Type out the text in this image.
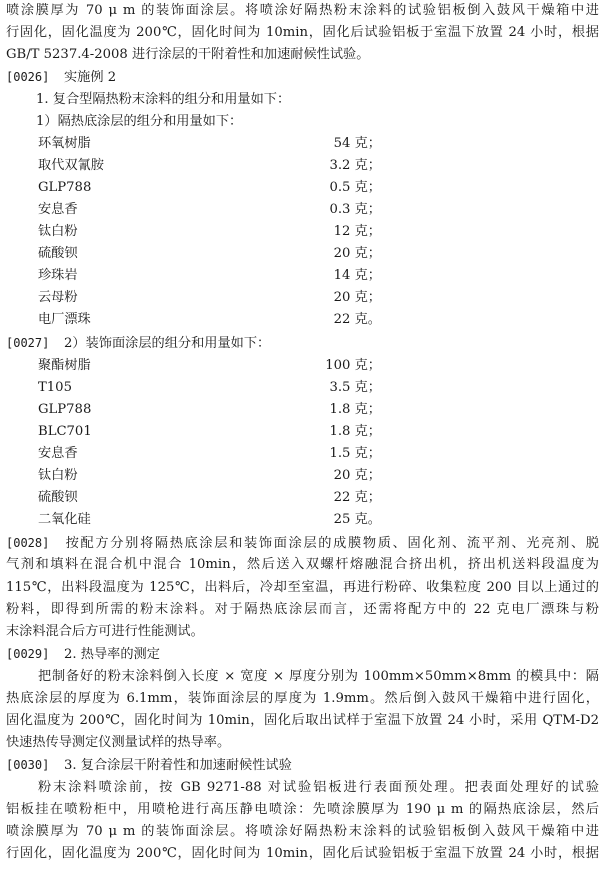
喷涂膜厚为 70 μ m 的装饰面涂层。将喷涂好隔热粉末涂料的试验铝板倒入鼓风干燥箱中进
行固化，固化温度为 200℃，固化时间为 10min，固化后试验铝板于室温下放置 24 小时，根据
GB/T 5237.4-2008 进行涂层的干附着性和加速耐候性试验。
[0026] 实施例 2
1. 复合型隔热粉末涂料的组分和用量如下：
1）隔热底涂层的组分和用量如下：
环氧树脂	54 克；
取代双氰胺	3.2 克；
GLP788	0.5 克；
安息香	0.3 克；
钛白粉	12 克；
硫酸钡	20 克；
珍珠岩	14 克；
云母粉	20 克；
电厂漂珠	22 克。
[0027] 2）装饰面涂层的组分和用量如下：
聚酯树脂	100 克；
T105	3.5 克；
GLP788	1.8 克；
BLC701	1.8 克；
安息香	1.5 克；
钛白粉	20 克；
硫酸钡	22 克；
二氧化硅	25 克。
[0028] 按配方分别将隔热底涂层和装饰面涂层的成膜物质、固化剂、流平剂、光亮剂、脱
气剂和填料在混合机中混合 10min，然后送入双螺杆熔融混合挤出机，挤出机送料段温度为
115℃，出料段温度为 125℃，出料后，冷却至室温，再进行粉碎、收集粒度 200 目以上通过的
粉料，即得到所需的粉末涂料。对于隔热底涂层而言，还需将配方中的 22 克电厂漂珠与粉
末涂料混合后方可进行性能测试。
[0029] 2. 热导率的测定
把制备好的粉末涂料倒入长度 × 宽度 × 厚度分别为 100mm×50mm×8mm 的模具中：隔
热底涂层的厚度为 6.1mm，装饰面涂层的厚度为 1.9mm。然后倒入鼓风干燥箱中进行固化，
固化温度为 200℃，固化时间为 10min，固化后取出试样于室温下放置 24 小时，采用 QTM-D2
快速热传导测定仪测量试样的热导率。
[0030] 3. 复合涂层干附着性和加速耐候性试验
粉末涂料喷涂前，按 GB 9271-88 对试验铝板进行表面预处理。把表面处理好的试验
铝板挂在喷粉柜中，用喷枪进行高压静电喷涂：先喷涂膜厚为 190 μ m 的隔热底涂层，然后
喷涂膜厚为 70 μ m 的装饰面涂层。将喷涂好隔热粉末涂料的试验铝板倒入鼓风干燥箱中进
行固化，固化温度为 200℃，固化时间为 10min，固化后试验铝板于室温下放置 24 小时，根据
